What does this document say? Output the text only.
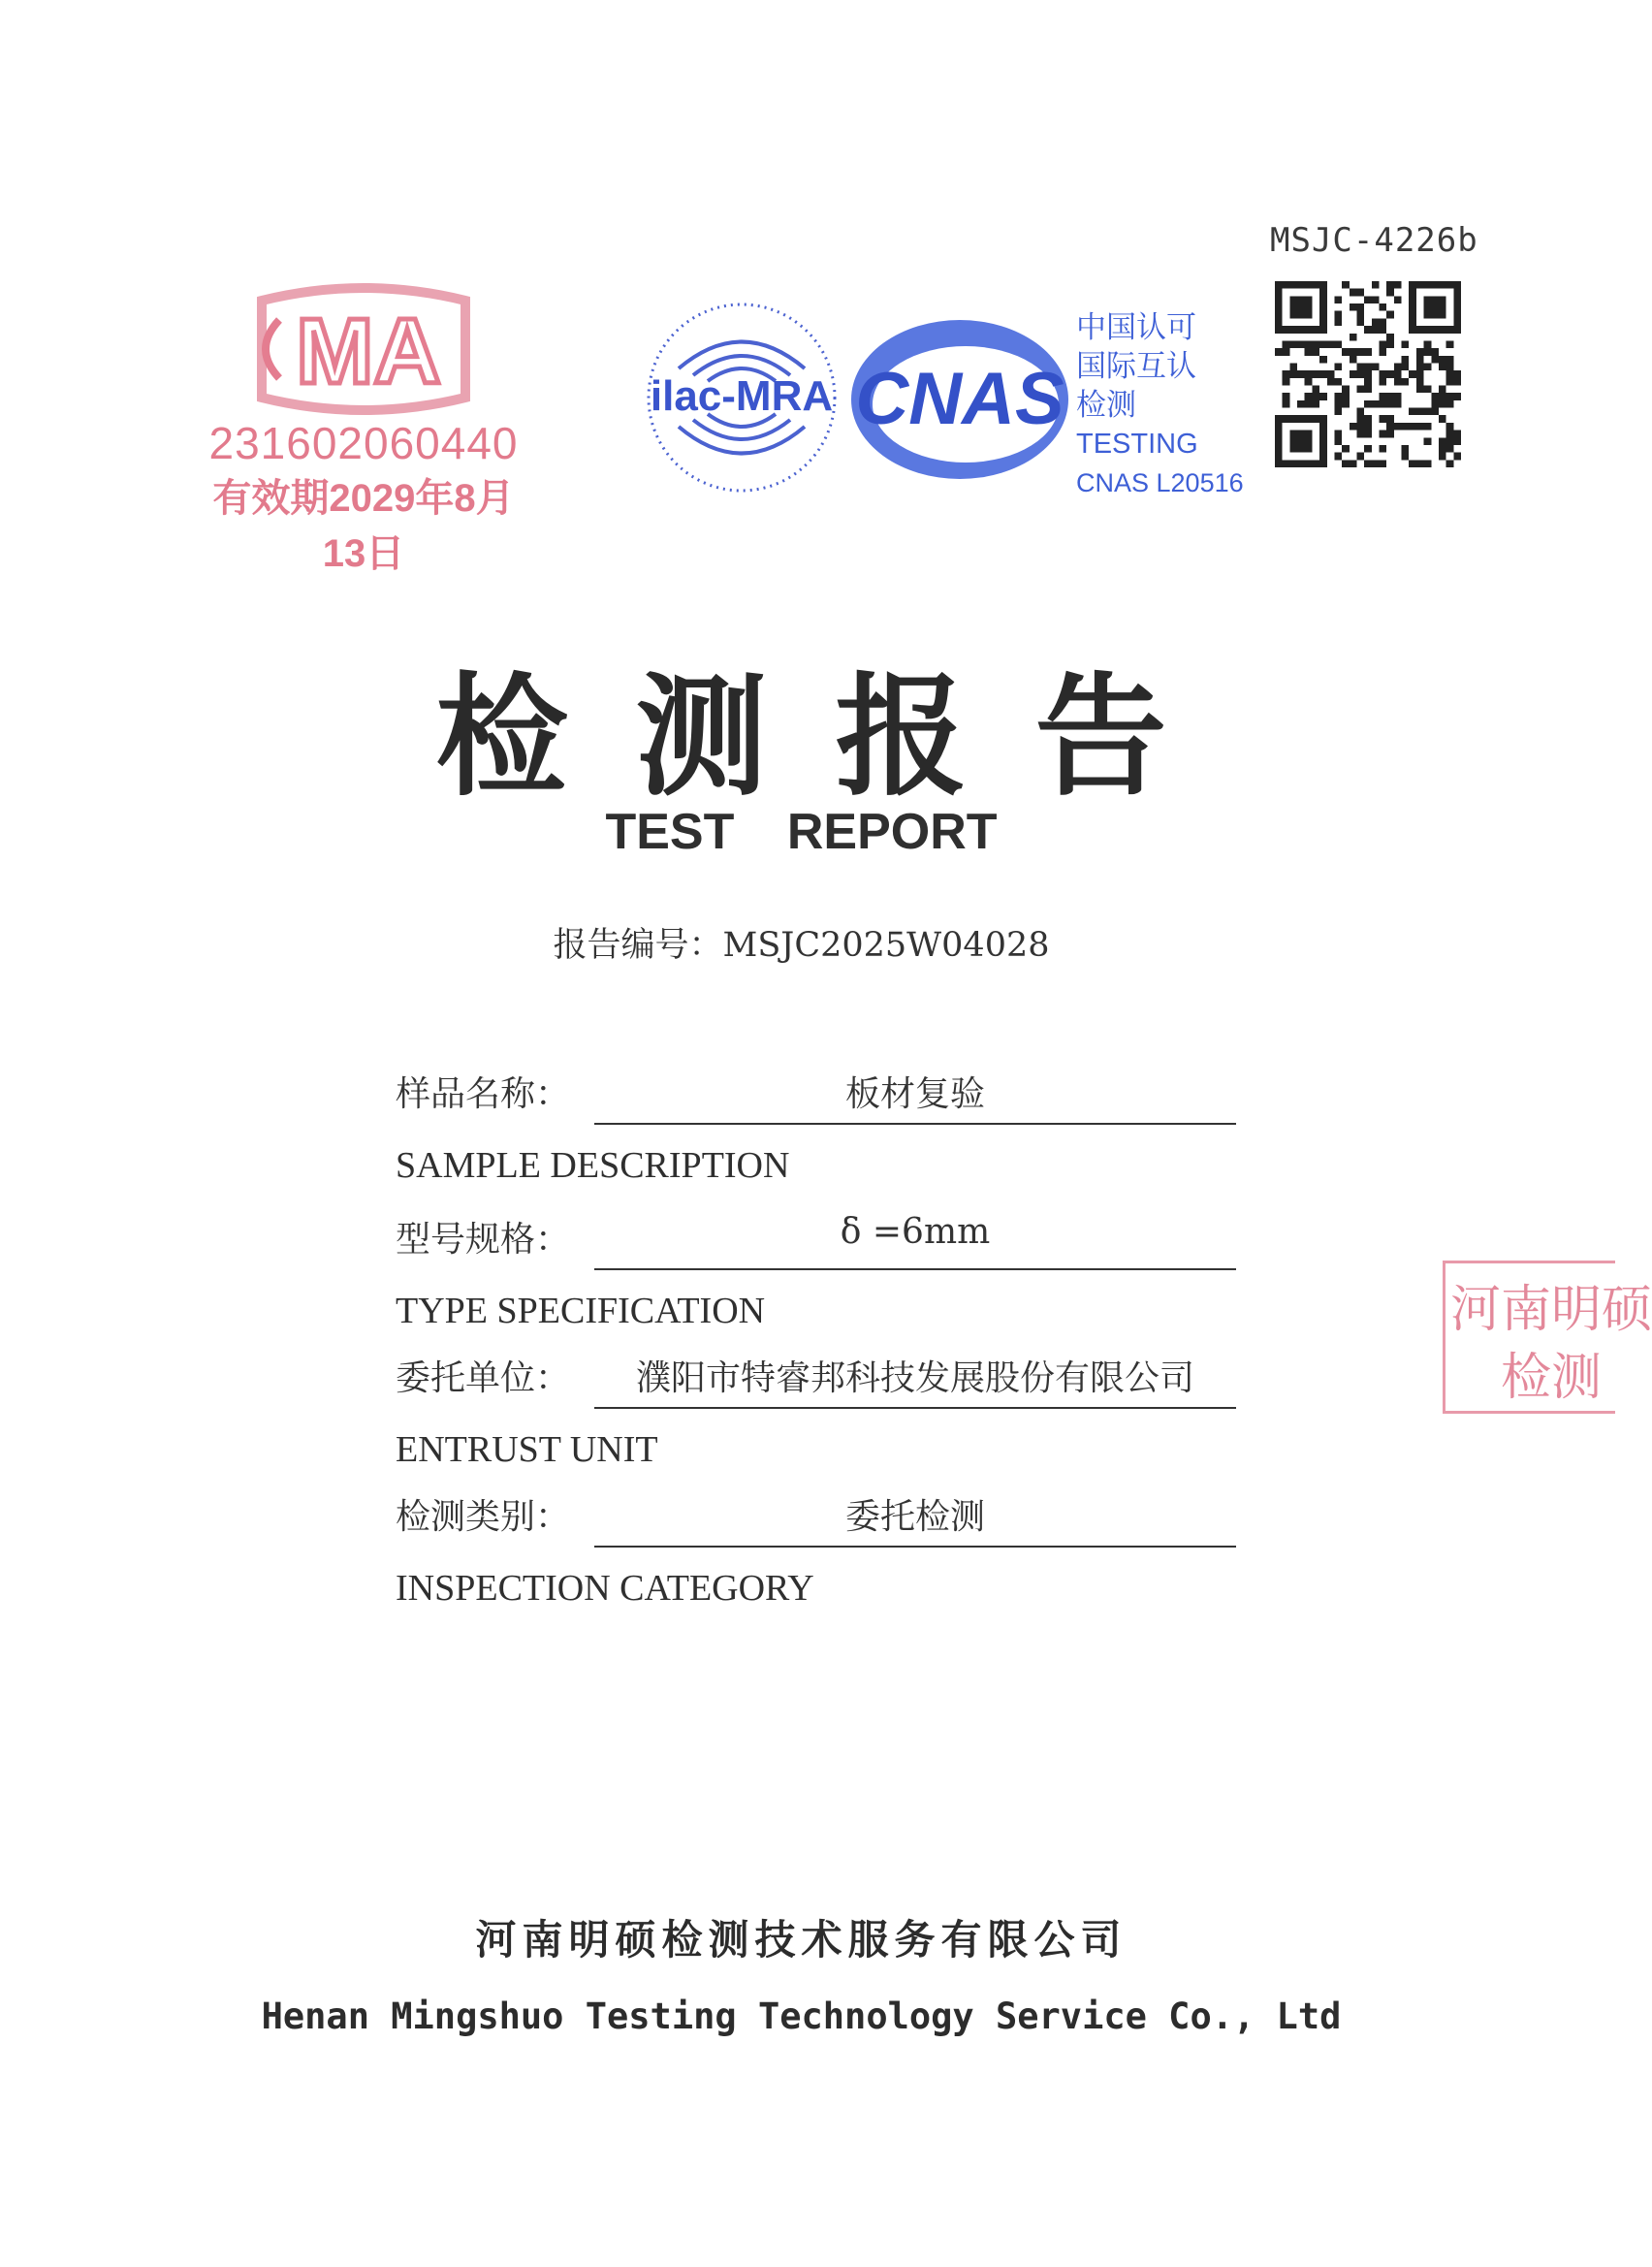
MSJC-4226b
MA
231602060440
有效期2029年8月13日
ilac-MRA CNAS
中国认可
国际互认
检测
TESTING
CNAS L20516
检测报告
TEST REPORT
报告编号：MSJC2025W04028
样品名称：	板材复验
SAMPLE DESCRIPTION
型号规格：	δ =6mm
TYPE SPECIFICATION
委托单位：	濮阳市特睿邦科技发展股份有限公司
ENTRUST UNIT
检测类别：	委托检测
INSPECTION CATEGORY
河南明硕
检测
河南明硕检测技术服务有限公司
Henan Mingshuo Testing Technology Service Co., Ltd
